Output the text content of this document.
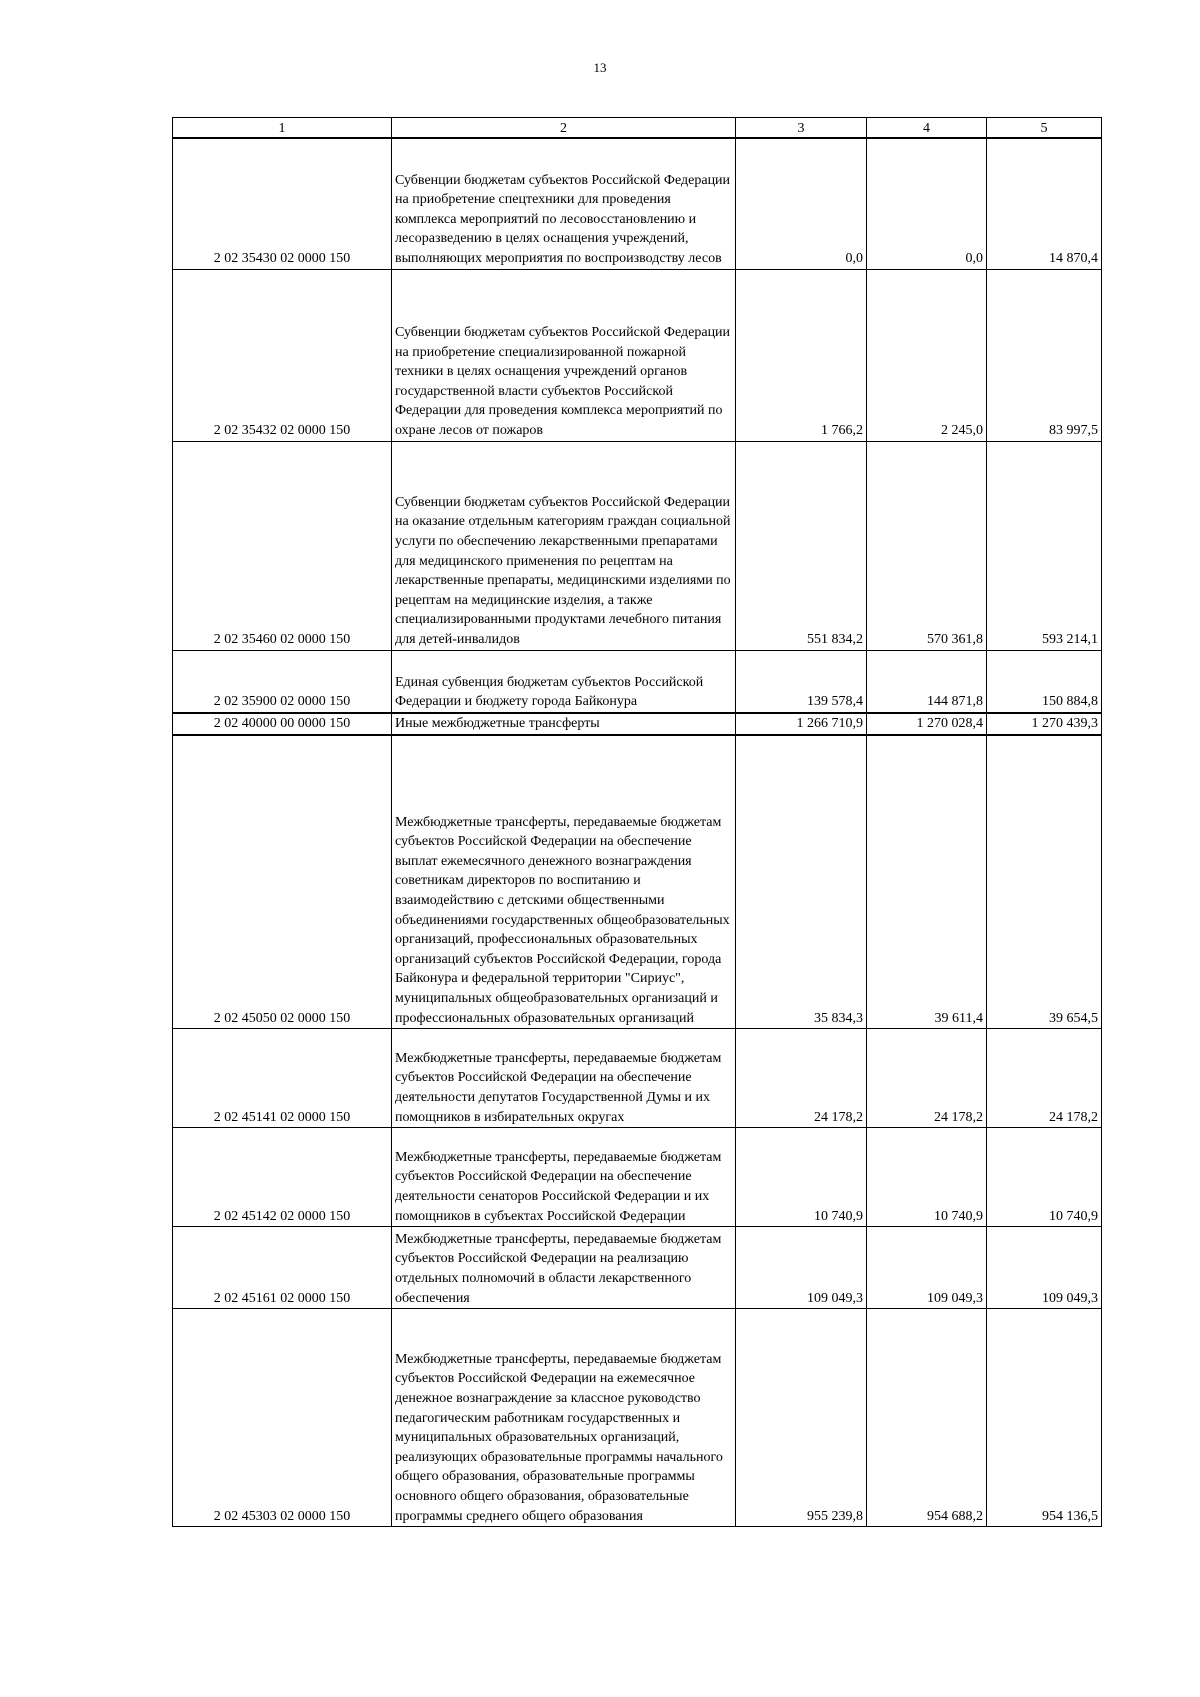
13
1	2	3	4	5
2 02 35430 02 0000 150	Субвенции бюджетам субъектов Российской Федерации на приобретение спецтехники для проведения комплекса мероприятий по лесовосстановлению и лесоразведению в целях оснащения учреждений, выполняющих мероприятия по воспроизводству лесов	0,0	0,0	14 870,4
2 02 35432 02 0000 150	Субвенции бюджетам субъектов Российской Федерации на приобретение специализированной пожарной техники в целях оснащения учреждений органов государственной власти субъектов Российской Федерации для проведения комплекса мероприятий по охране лесов от пожаров	1 766,2	2 245,0	83 997,5
2 02 35460 02 0000 150	Субвенции бюджетам субъектов Российской Федерации на оказание отдельным категориям граждан социальной услуги по обеспечению лекарственными препаратами для медицинского применения по рецептам на лекарственные препараты, медицинскими изделиями по рецептам на медицинские изделия, а также специализированными продуктами лечебного питания для детей-инвалидов	551 834,2	570 361,8	593 214,1
2 02 35900 02 0000 150	Единая субвенция бюджетам субъектов Российской Федерации и бюджету города Байконура	139 578,4	144 871,8	150 884,8
2 02 40000 00 0000 150	Иные межбюджетные трансферты	1 266 710,9	1 270 028,4	1 270 439,3
2 02 45050 02 0000 150	Межбюджетные трансферты, передаваемые бюджетам субъектов Российской Федерации на обеспечение выплат ежемесячного денежного вознаграждения советникам директоров по воспитанию и взаимодействию с детскими общественными объединениями государственных общеобразовательных организаций, профессиональных образовательных организаций субъектов Российской Федерации, города Байконура и федеральной территории "Сириус", муниципальных общеобразовательных организаций и профессиональных образовательных организаций	35 834,3	39 611,4	39 654,5
2 02 45141 02 0000 150	Межбюджетные трансферты, передаваемые бюджетам субъектов Российской Федерации на обеспечение деятельности депутатов Государственной Думы и их помощников в избирательных округах	24 178,2	24 178,2	24 178,2
2 02 45142 02 0000 150	Межбюджетные трансферты, передаваемые бюджетам субъектов Российской Федерации на обеспечение деятельности сенаторов Российской Федерации и их помощников в субъектах Российской Федерации	10 740,9	10 740,9	10 740,9
2 02 45161 02 0000 150	Межбюджетные трансферты, передаваемые бюджетам субъектов Российской Федерации на реализацию отдельных полномочий в области лекарственного обеспечения	109 049,3	109 049,3	109 049,3
2 02 45303 02 0000 150	Межбюджетные трансферты, передаваемые бюджетам субъектов Российской Федерации на ежемесячное денежное вознаграждение за классное руководство педагогическим работникам государственных и муниципальных образовательных организаций, реализующих образовательные программы начального общего образования, образовательные программы основного общего образования, образовательные программы среднего общего образования	955 239,8	954 688,2	954 136,5
